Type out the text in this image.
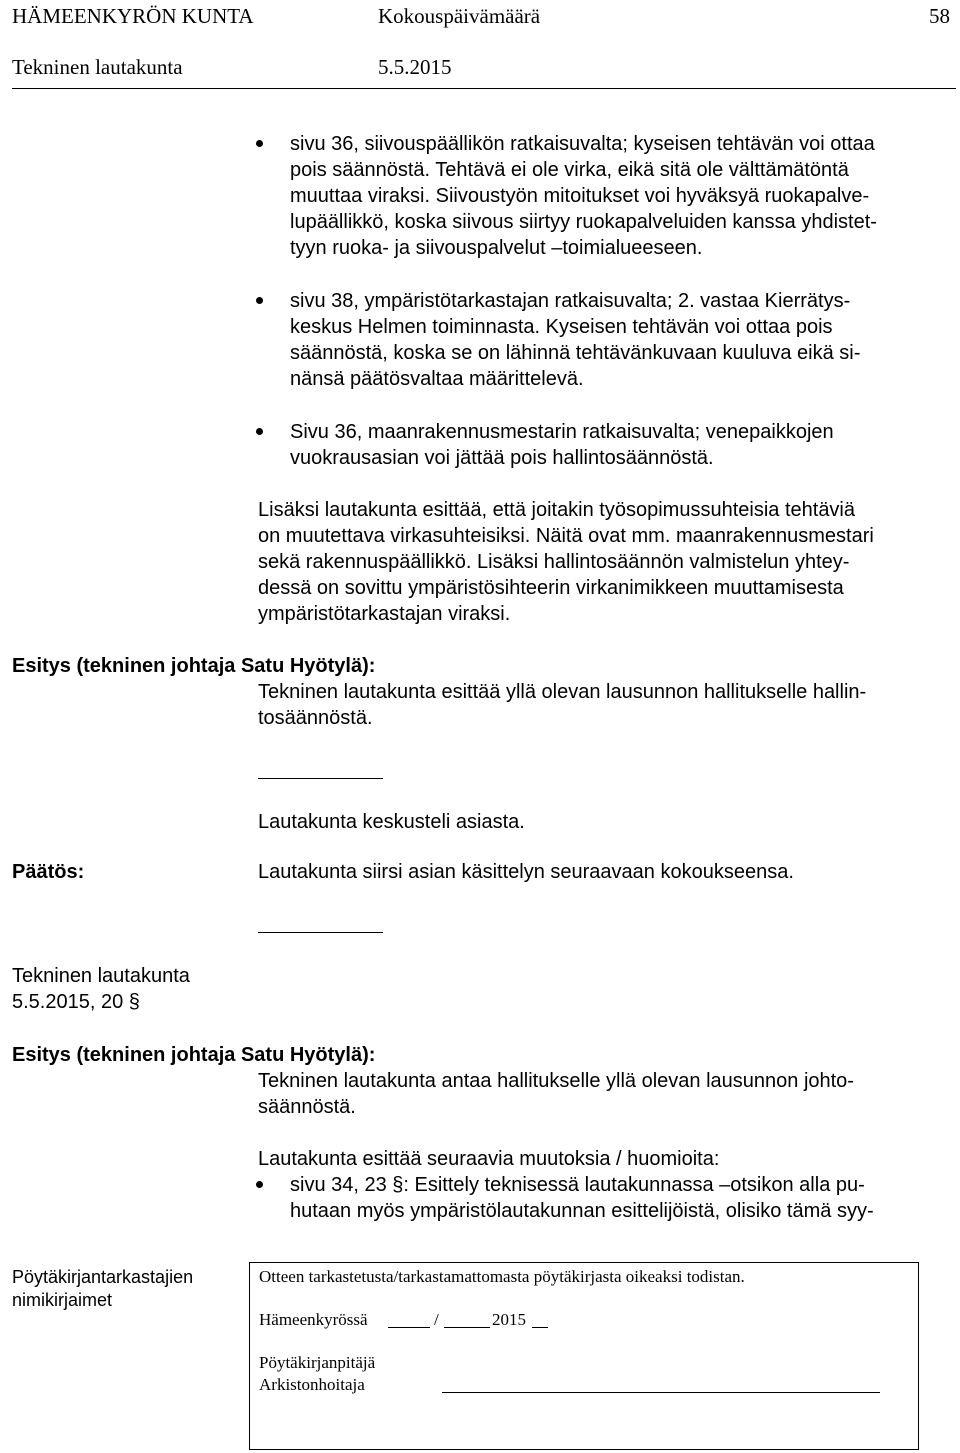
HÄMEENKYRÖN KUNTA	Kokouspäivämäärä	58
Tekninen lautakunta	5.5.2015
sivu 36, siivouspäällikön ratkaisuvalta; kyseisen tehtävän voi ottaa
pois säännöstä. Tehtävä ei ole virka, eikä sitä ole välttämätöntä
muuttaa viraksi. Siivoustyön mitoitukset voi hyväksyä ruokapalve-
lupäällikkö, koska siivous siirtyy ruokapalveluiden kanssa yhdistet-
tyyn ruoka- ja siivouspalvelut –toimialueeseen.
sivu 38, ympäristötarkastajan ratkaisuvalta; 2. vastaa Kierrätys-
keskus Helmen toiminnasta. Kyseisen tehtävän voi ottaa pois
säännöstä, koska se on lähinnä tehtävänkuvaan kuuluva eikä si-
nänsä päätösvaltaa määrittelevä.
Sivu 36, maanrakennusmestarin ratkaisuvalta; venepaikkojen
vuokrausasian voi jättää pois hallintosäännöstä.
Lisäksi lautakunta esittää, että joitakin työsopimussuhteisia tehtäviä
on muutettava virkasuhteisiksi. Näitä ovat mm. maanrakennusmestari
sekä rakennuspäällikkö. Lisäksi hallintosäännön valmistelun yhtey-
dessä on sovittu ympäristösihteerin virkanimikkeen muuttamisesta
ympäristötarkastajan viraksi.
Esitys (tekninen johtaja Satu Hyötylä):
Tekninen lautakunta esittää yllä olevan lausunnon hallitukselle hallin-
tosäännöstä.
Lautakunta keskusteli asiasta.
Päätös:	Lautakunta siirsi asian käsittelyn seuraavaan kokoukseensa.
Tekninen lautakunta
5.5.2015, 20 §
Esitys (tekninen johtaja Satu Hyötylä):
Tekninen lautakunta antaa hallitukselle yllä olevan lausunnon johto-
säännöstä.
Lautakunta esittää seuraavia muutoksia / huomioita:
sivu 34, 23 §: Esittely teknisessä lautakunnassa –otsikon alla pu-
hutaan myös ympäristölautakunnan esittelijöistä, olisiko tämä syy-
Pöytäkirjantarkastajien
nimikirjaimet
Otteen tarkastetusta/tarkastamattomasta pöytäkirjasta oikeaksi todistan.
Hämeenkyrössä	/	2015
Pöytäkirjanpitäjä
Arkistonhoitaja
